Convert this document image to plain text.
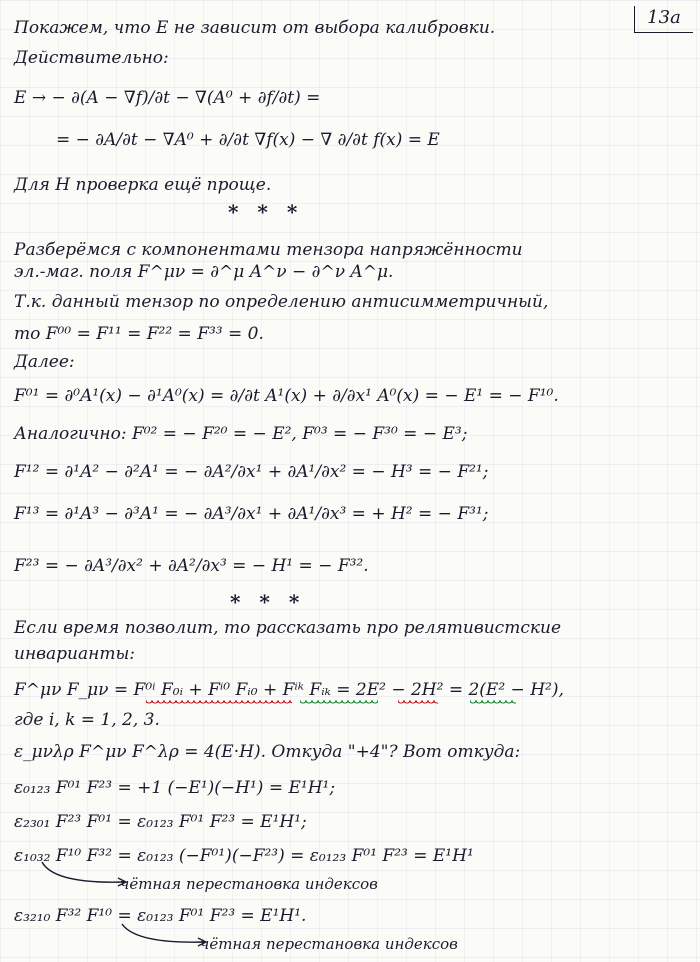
13a
Покажем, что E не зависит от выбора калибровки.
Действительно:
E → − ∂(A − ∇f)/∂t − ∇(A⁰ + ∂f/∂t) =
= − ∂A/∂t − ∇A⁰ + ∂/∂t ∇f(x) − ∇ ∂/∂t f(x) = E
Для H проверка ещё проще.
* * *
Разберёмся с компонентами тензора напряжённости
эл.-маг. поля F^μν = ∂^μ A^ν − ∂^ν A^μ.
Т.к. данный тензор по определению антисимметричный,
то F⁰⁰ = F¹¹ = F²² = F³³ = 0.
Далее:
F⁰¹ = ∂⁰A¹(x) − ∂¹A⁰(x) = ∂/∂t A¹(x) + ∂/∂x¹ A⁰(x) = − E¹ = − F¹⁰.
Аналогично: F⁰² = − F²⁰ = − E², F⁰³ = − F³⁰ = − E³;
F¹² = ∂¹A² − ∂²A¹ = − ∂A²/∂x¹ + ∂A¹/∂x² = − H³ = − F²¹;
F¹³ = ∂¹A³ − ∂³A¹ = − ∂A³/∂x¹ + ∂A¹/∂x³ = + H² = − F³¹;
F²³ = − ∂A³/∂x² + ∂A²/∂x³ = − H¹ = − F³².
* * *
Если время позволит, то рассказать про релятивистские
инварианты:
F^μν F_μν = F⁰ⁱ F₀ᵢ + Fⁱ⁰ Fᵢ₀ + Fⁱᵏ Fᵢₖ = 2E² − 2H² = 2(E² − H²),
где i, k = 1, 2, 3.
ε_μνλρ F^μν F^λρ = 4(E·H). Откуда "+4"? Вот откуда:
ε₀₁₂₃ F⁰¹ F²³ = +1 (−E¹)(−H¹) = E¹H¹;
ε₂₃₀₁ F²³ F⁰¹ = ε₀₁₂₃ F⁰¹ F²³ = E¹H¹;
ε₁₀₃₂ F¹⁰ F³² = ε₀₁₂₃ (−F⁰¹)(−F²³) = ε₀₁₂₃ F⁰¹ F²³ = E¹H¹
чётная перестановка индексов
ε₃₂₁₀ F³² F¹⁰ = ε₀₁₂₃ F⁰¹ F²³ = E¹H¹.
чётная перестановка индексов
